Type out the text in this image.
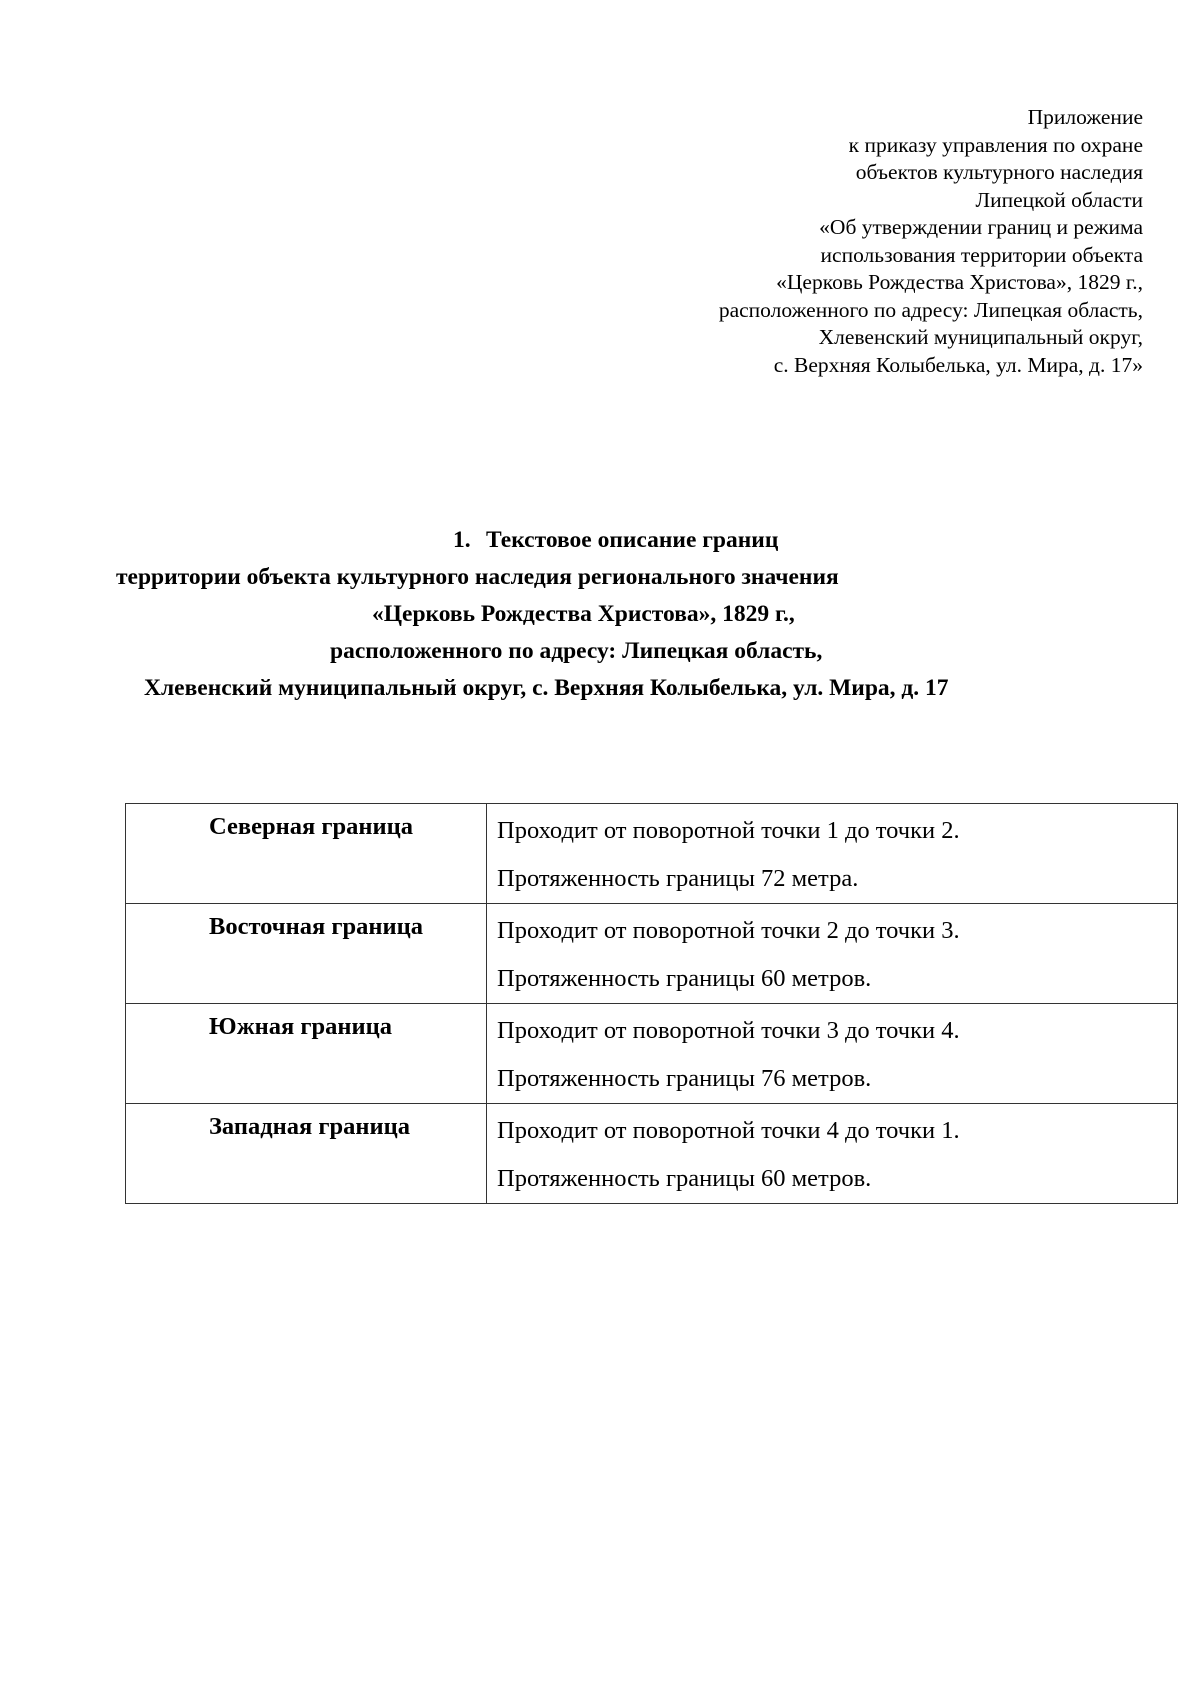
Приложение
к приказу управления по охране
объектов культурного наследия
Липецкой области
«Об утверждении границ и режима
использования территории объекта
«Церковь Рождества Христова», 1829 г.,
расположенного по адресу: Липецкая область,
Хлевенский муниципальный округ,
с. Верхняя Колыбелька, ул. Мира, д. 17»
1. Текстовое описание границ
территории объекта культурного наследия регионального значения
«Церковь Рождества Христова», 1829 г.,
расположенного по адресу: Липецкая область,
Хлевенский муниципальный округ, с. Верхняя Колыбелька, ул. Мира, д. 17
Северная граница	Проходит от поворотной точки 1 до точки 2.
Протяженность границы 72 метра.

Восточная граница	Проходит от поворотной точки 2 до точки 3.
Протяженность границы 60 метров.

Южная граница	Проходит от поворотной точки 3 до точки 4.
Протяженность границы 76 метров.

Западная граница	Проходит от поворотной точки 4 до точки 1.
Протяженность границы 60 метров.
